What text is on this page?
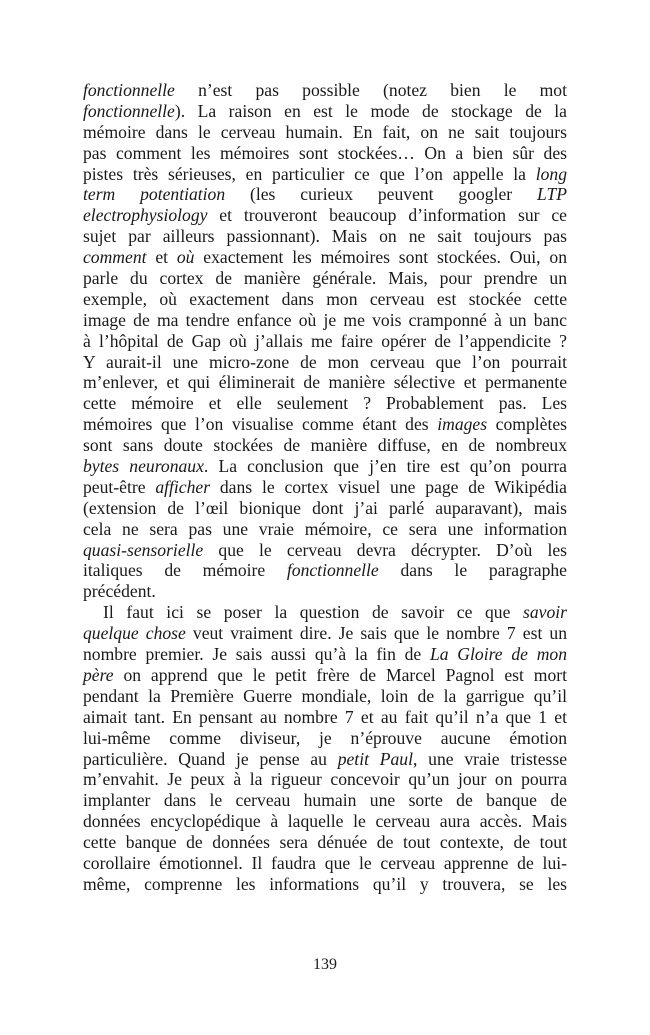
fonctionnelle n’est pas possible (notez bien le mot
fonctionnelle). La raison en est le mode de stockage de la
mémoire dans le cerveau humain. En fait, on ne sait toujours
pas comment les mémoires sont stockées… On a bien sûr des
pistes très sérieuses, en particulier ce que l’on appelle la long
term potentiation (les curieux peuvent googler LTP
electrophysiology et trouveront beaucoup d’information sur ce
sujet par ailleurs passionnant). Mais on ne sait toujours pas
comment et où exactement les mémoires sont stockées. Oui, on
parle du cortex de manière générale. Mais, pour prendre un
exemple, où exactement dans mon cerveau est stockée cette
image de ma tendre enfance où je me vois cramponné à un banc
à l’hôpital de Gap où j’allais me faire opérer de l’appendicite ?
Y aurait-il une micro-zone de mon cerveau que l’on pourrait
m’enlever, et qui éliminerait de manière sélective et permanente
cette mémoire et elle seulement ? Probablement pas. Les
mémoires que l’on visualise comme étant des images complètes
sont sans doute stockées de manière diffuse, en de nombreux
bytes neuronaux. La conclusion que j’en tire est qu’on pourra
peut-être afficher dans le cortex visuel une page de Wikipédia
(extension de l’œil bionique dont j’ai parlé auparavant), mais
cela ne sera pas une vraie mémoire, ce sera une information
quasi-sensorielle que le cerveau devra décrypter. D’où les
italiques de mémoire fonctionnelle dans le paragraphe
précédent.
Il faut ici se poser la question de savoir ce que savoir
quelque chose veut vraiment dire. Je sais que le nombre 7 est un
nombre premier. Je sais aussi qu’à la fin de La Gloire de mon
père on apprend que le petit frère de Marcel Pagnol est mort
pendant la Première Guerre mondiale, loin de la garrigue qu’il
aimait tant. En pensant au nombre 7 et au fait qu’il n’a que 1 et
lui-même comme diviseur, je n’éprouve aucune émotion
particulière. Quand je pense au petit Paul, une vraie tristesse
m’envahit. Je peux à la rigueur concevoir qu’un jour on pourra
implanter dans le cerveau humain une sorte de banque de
données encyclopédique à laquelle le cerveau aura accès. Mais
cette banque de données sera dénuée de tout contexte, de tout
corollaire émotionnel. Il faudra que le cerveau apprenne de lui-
même, comprenne les informations qu’il y trouvera, se les
139
